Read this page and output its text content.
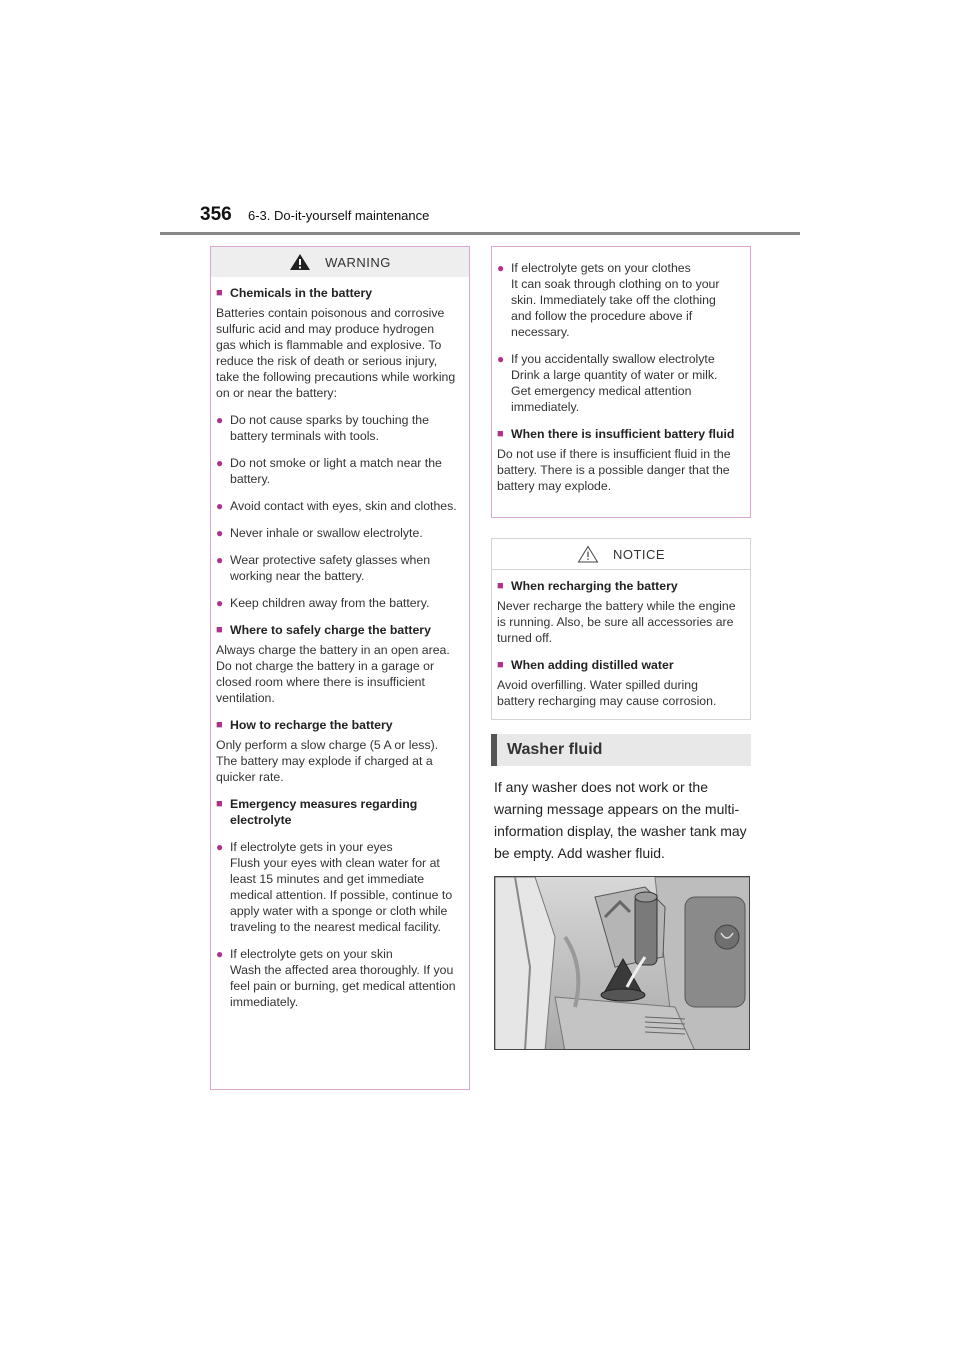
356 6-3. Do-it-yourself maintenance
WARNING
■ Chemicals in the battery
Batteries contain poisonous and corrosive sulfuric acid and may produce hydrogen gas which is flammable and explosive. To reduce the risk of death or serious injury, take the following precautions while working on or near the battery:
● Do not cause sparks by touching the battery terminals with tools.
● Do not smoke or light a match near the battery.
● Avoid contact with eyes, skin and clothes.
● Never inhale or swallow electrolyte.
● Wear protective safety glasses when working near the battery.
● Keep children away from the battery.
■ Where to safely charge the battery
Always charge the battery in an open area. Do not charge the battery in a garage or closed room where there is insufficient ventilation.
■ How to recharge the battery
Only perform a slow charge (5 A or less). The battery may explode if charged at a quicker rate.
■ Emergency measures regarding electrolyte
● If electrolyte gets in your eyes
Flush your eyes with clean water for at least 15 minutes and get immediate medical attention. If possible, continue to apply water with a sponge or cloth while traveling to the nearest medical facility.
● If electrolyte gets on your skin
Wash the affected area thoroughly. If you feel pain or burning, get medical attention immediately.
● If electrolyte gets on your clothes
It can soak through clothing on to your skin. Immediately take off the clothing and follow the procedure above if necessary.
● If you accidentally swallow electrolyte
Drink a large quantity of water or milk. Get emergency medical attention immediately.
■ When there is insufficient battery fluid
Do not use if there is insufficient fluid in the battery. There is a possible danger that the battery may explode.
NOTICE
■ When recharging the battery
Never recharge the battery while the engine is running. Also, be sure all accessories are turned off.
■ When adding distilled water
Avoid overfilling. Water spilled during battery recharging may cause corrosion.
Washer fluid
If any washer does not work or the warning message appears on the multi-information display, the washer tank may be empty. Add washer fluid.
